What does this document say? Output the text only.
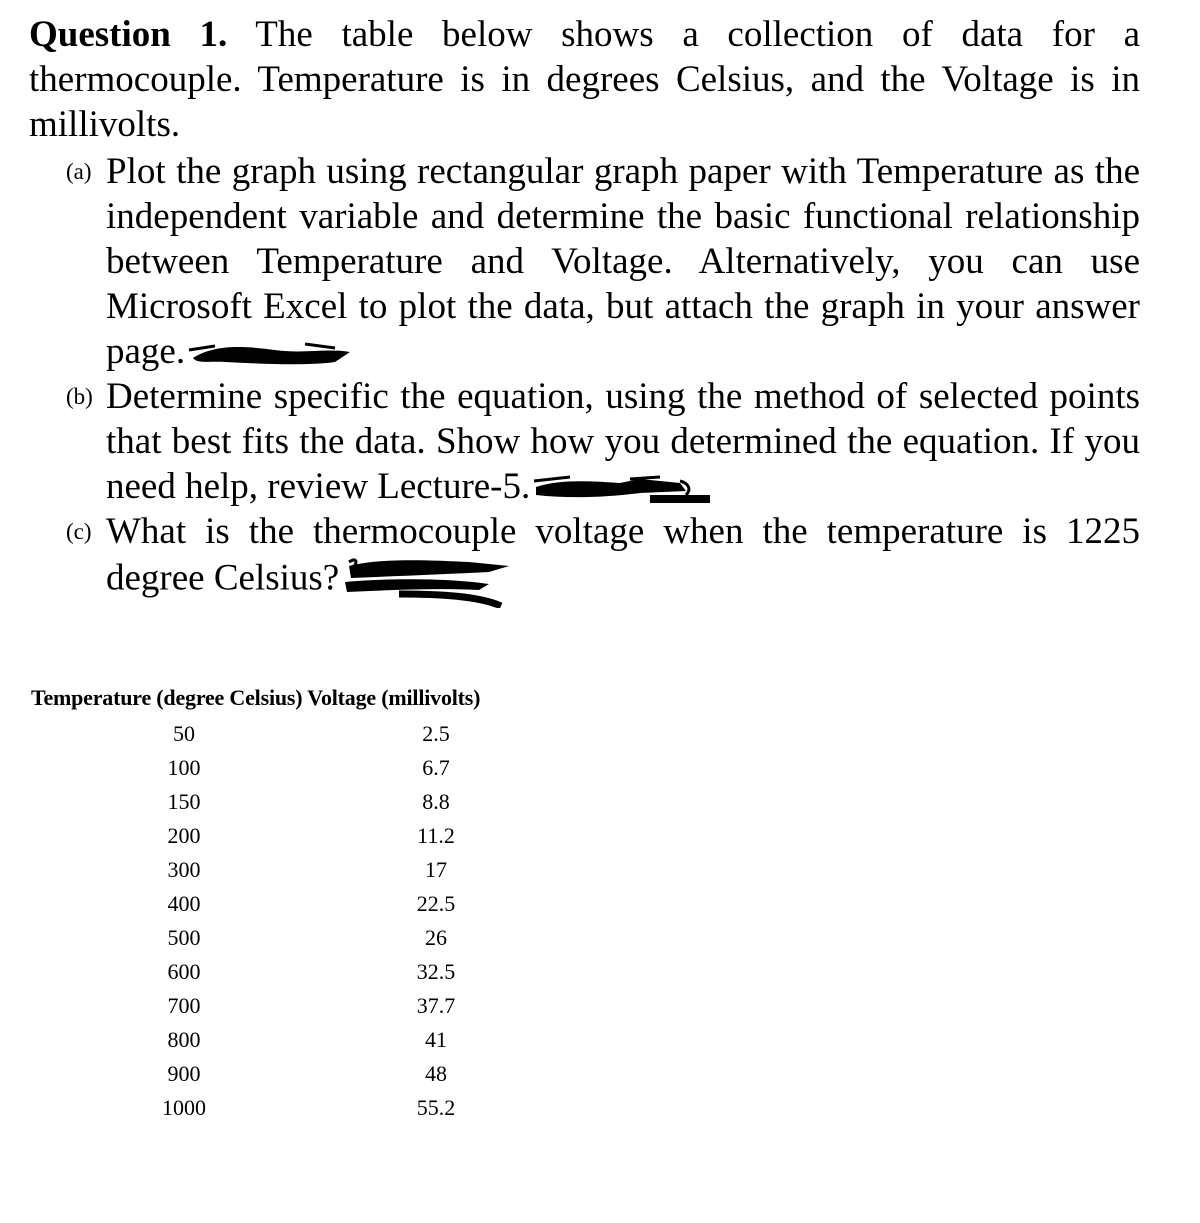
Question 1. The table below shows a collection of data for a thermocouple. Temperature is in degrees Celsius, and the Voltage is in millivolts.

(a) Plot the graph using rectangular graph paper with Temperature as the independent variable and determine the basic functional relationship between Temperature and Voltage. Alternatively, you can use Microsoft Excel to plot the data, but attach the graph in your answer page.
(b) Determine specific the equation, using the method of selected points that best fits the data. Show how you determined the equation. If you need help, review Lecture-5.
(c) What is the thermocouple voltage when the temperature is 1225 degree Celsius?
Temperature (degree Celsius) Voltage (millivolts)
50	2.5
100	6.7
150	8.8
200	11.2
300	17
400	22.5
500	26
600	32.5
700	37.7
800	41
900	48
1000	55.2
